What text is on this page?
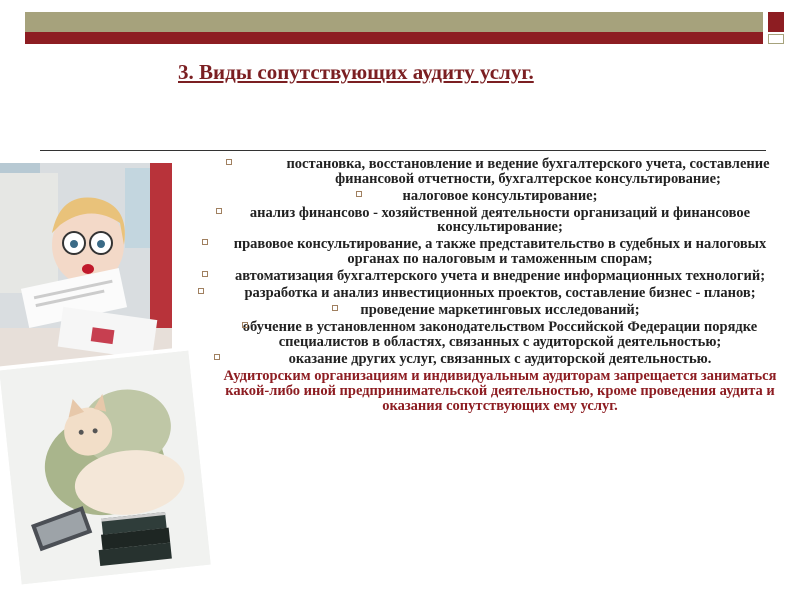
3. Виды сопутствующих аудиту услуг.
постановка, восстановление и ведение бухгалтерского учета, составление финансовой отчетности, бухгалтерское консультирование;
налоговое консультирование;
анализ финансово - хозяйственной деятельности организаций и финансовое консультирование;
правовое консультирование, а также представительство в судебных и налоговых органах по налоговым и таможенным спорам;
автоматизация бухгалтерского учета и внедрение информационных технологий;
разработка и анализ инвестиционных проектов, составление бизнес - планов;
проведение маркетинговых исследований;
обучение в установленном законодательством Российской Федерации порядке специалистов в областях, связанных с аудиторской деятельностью;
оказание других услуг, связанных с аудиторской деятельностью.
Аудиторским организациям и индивидуальным аудиторам запрещается заниматься какой-либо иной предпринимательской деятельностью, кроме проведения аудита и оказания сопутствующих ему услуг.
